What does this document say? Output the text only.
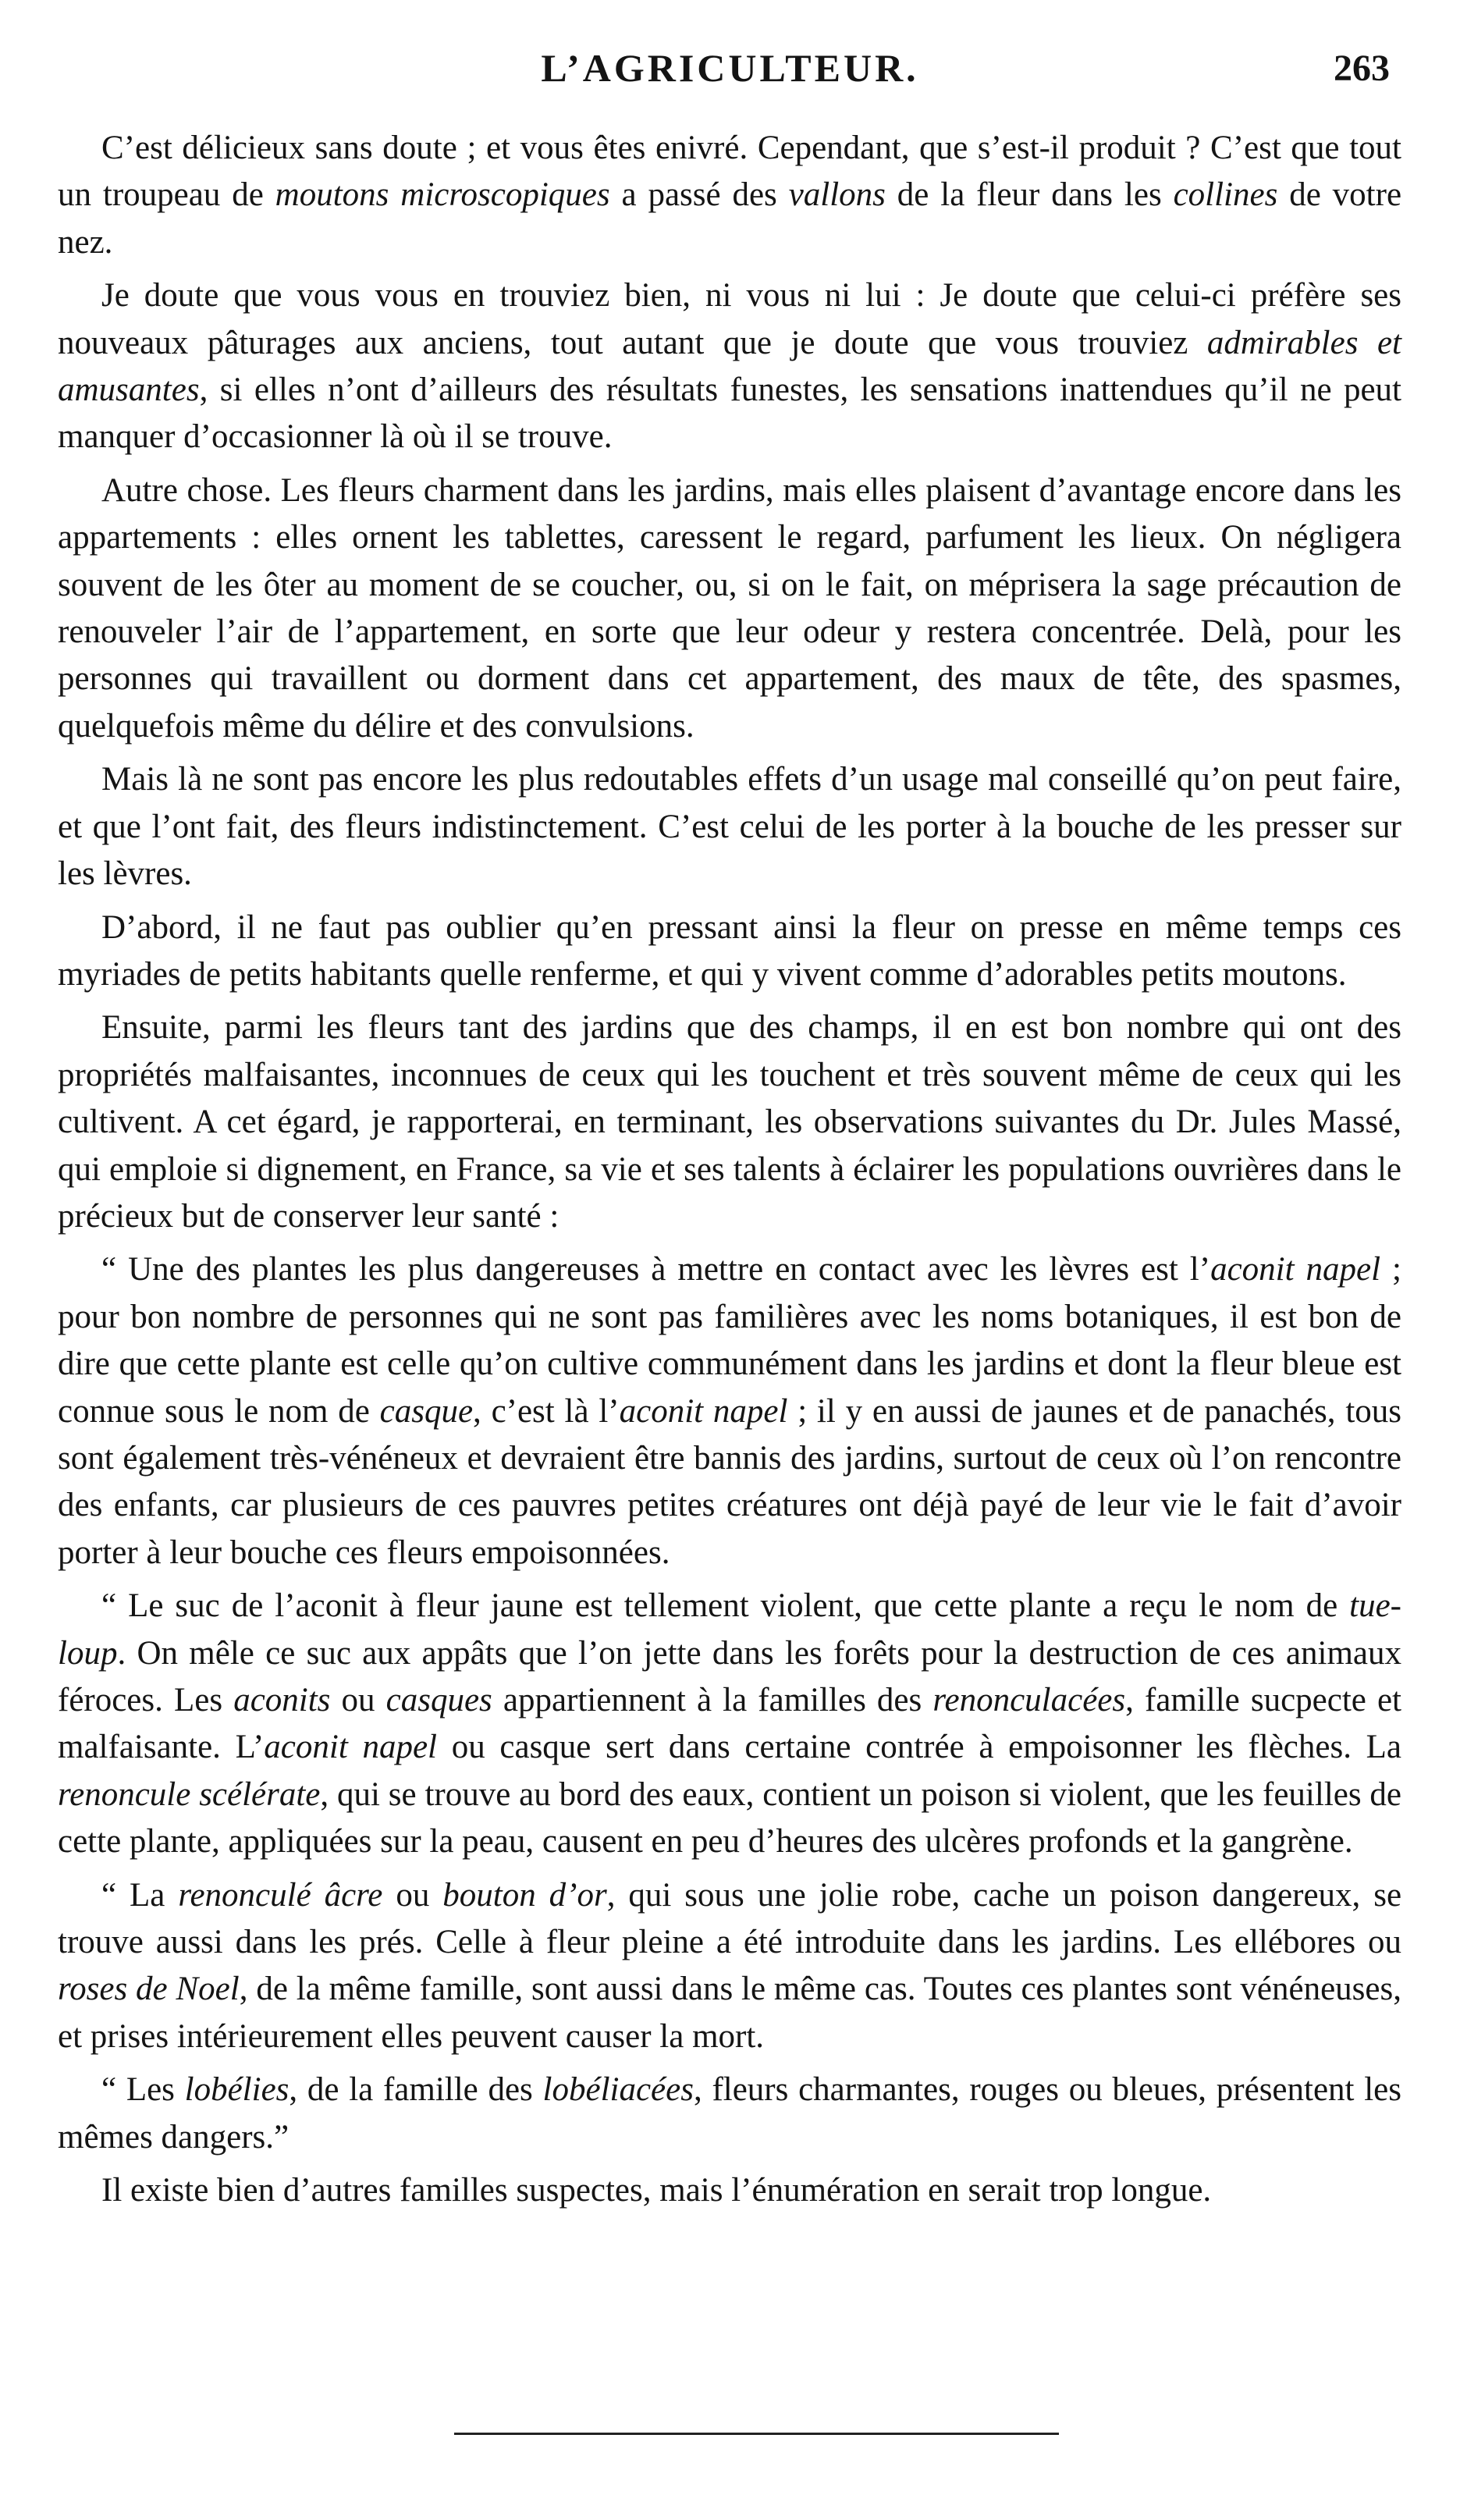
L’AGRICULTEUR.	263

C’est délicieux sans doute ; et vous êtes enivré. Cependant, que s’est-il produit ? C’est que tout un troupeau de moutons microscopiques a passé des vallons de la fleur dans les collines de votre nez.

Je doute que vous vous en trouviez bien, ni vous ni lui : Je doute que celui-ci préfère ses nouveaux pâturages aux anciens, tout autant que je doute que vous trouviez admirables et amusantes, si elles n’ont d’ailleurs des résultats funestes, les sensations inattendues qu’il ne peut manquer d’occasionner là où il se trouve.

Autre chose. Les fleurs charment dans les jardins, mais elles plaisent d’avantage encore dans les appartements : elles ornent les tablettes, caressent le regard, parfument les lieux. On négligera souvent de les ôter au moment de se coucher, ou, si on le fait, on méprisera la sage précaution de renouveler l’air de l’appartement, en sorte que leur odeur y restera concentrée. Delà, pour les personnes qui travaillent ou dorment dans cet appartement, des maux de tête, des spasmes, quelquefois même du délire et des convulsions.

Mais là ne sont pas encore les plus redoutables effets d’un usage mal conseillé qu’on peut faire, et que l’ont fait, des fleurs indistinctement. C’est celui de les porter à la bouche de les presser sur les lèvres.

D’abord, il ne faut pas oublier qu’en pressant ainsi la fleur on presse en même temps ces myriades de petits habitants quelle renferme, et qui y vivent comme d’adorables petits moutons.

Ensuite, parmi les fleurs tant des jardins que des champs, il en est bon nombre qui ont des propriétés malfaisantes, inconnues de ceux qui les touchent et très souvent même de ceux qui les cultivent. A cet égard, je rapporterai, en terminant, les observations suivantes du Dr. Jules Massé, qui emploie si dignement, en France, sa vie et ses talents à éclairer les populations ouvrières dans le précieux but de conserver leur santé :

“ Une des plantes les plus dangereuses à mettre en contact avec les lèvres est l’aconit napel ; pour bon nombre de personnes qui ne sont pas familières avec les noms botaniques, il est bon de dire que cette plante est celle qu’on cultive communément dans les jardins et dont la fleur bleue est connue sous le nom de casque, c’est là l’aconit napel ; il y en aussi de jaunes et de panachés, tous sont également très-vénéneux et devraient être bannis des jardins, surtout de ceux où l’on rencontre des enfants, car plusieurs de ces pauvres petites créatures ont déjà payé de leur vie le fait d’avoir porter à leur bouche ces fleurs empoisonnées.

“ Le suc de l’aconit à fleur jaune est tellement violent, que cette plante a reçu le nom de tue-loup. On mêle ce suc aux appâts que l’on jette dans les forêts pour la destruction de ces animaux féroces. Les aconits ou casques appartiennent à la familles des renonculacées, famille sucpecte et malfaisante. L’aconit napel ou casque sert dans certaine contrée à empoisonner les flèches. La renoncule scélérate, qui se trouve au bord des eaux, contient un poison si violent, que les feuilles de cette plante, appliquées sur la peau, causent en peu d’heures des ulcères profonds et la gangrène.

“ La renonculé âcre ou bouton d’or, qui sous une jolie robe, cache un poison dangereux, se trouve aussi dans les prés. Celle à fleur pleine a été introduite dans les jardins. Les ellébores ou roses de Noel, de la même famille, sont aussi dans le même cas. Toutes ces plantes sont vénéneuses, et prises intérieurement elles peuvent causer la mort.

“ Les lobélies, de la famille des lobéliacées, fleurs charmantes, rouges ou bleues, présentent les mêmes dangers.”

Il existe bien d’autres familles suspectes, mais l’énumération en serait trop longue.
